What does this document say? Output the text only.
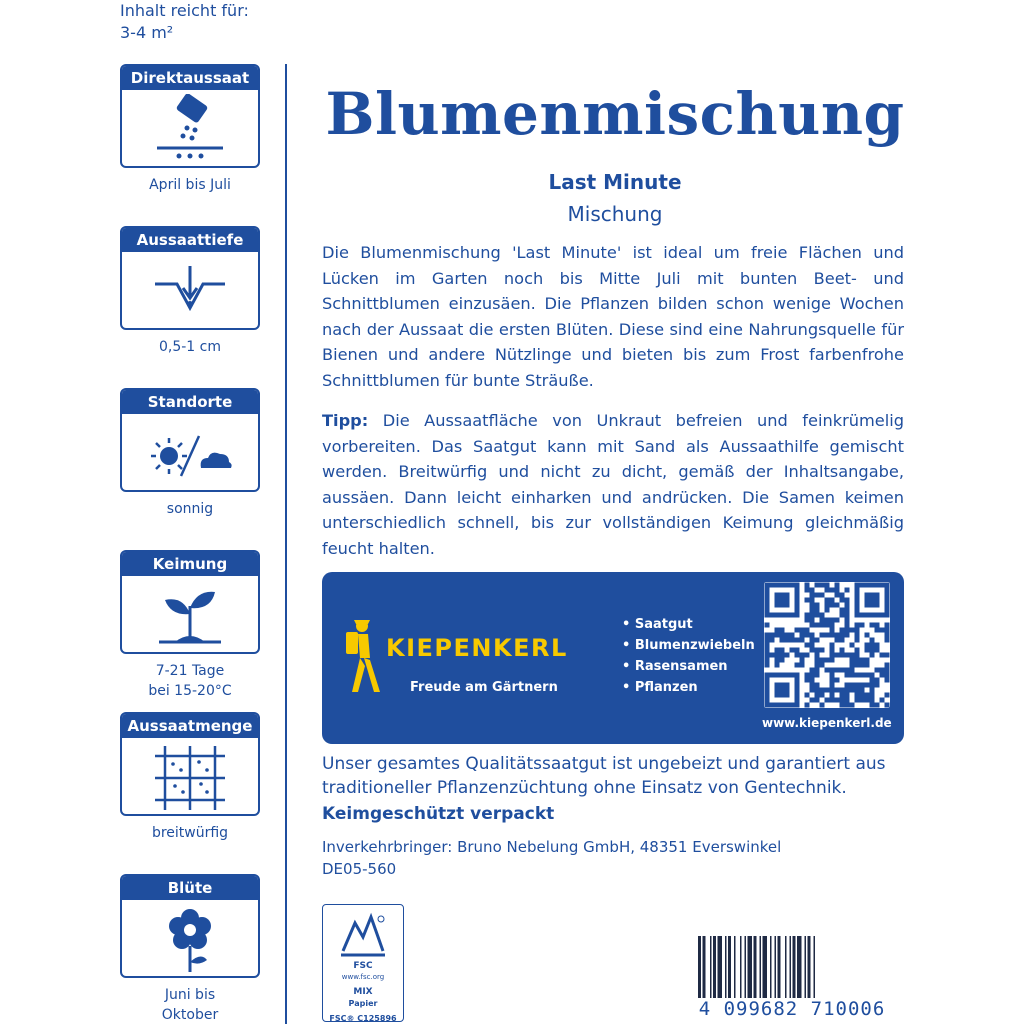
Inhalt reicht für:
3-4 m²
Direktaussaat
April bis Juli
Aussaattiefe
0,5-1 cm
Standorte
sonnig
Keimung
7-21 Tage
bei 15-20°C
Aussaatmenge
breitwürfig
Blüte
Juni bis
Oktober
Blumenmischung
Last Minute
Mischung
Die Blumenmischung 'Last Minute' ist ideal um freie Flächen und Lücken im Garten noch bis Mitte Juli mit bunten Beet- und Schnittblumen einzusäen. Die Pflanzen bilden schon wenige Wochen nach der Aussaat die ersten Blüten. Diese sind eine Nahrungsquelle für Bienen und andere Nützlinge und bieten bis zum Frost farbenfrohe Schnittblumen für bunte Sträuße.
Tipp: Die Aussaatfläche von Unkraut befreien und feinkrümelig vorbereiten. Das Saatgut kann mit Sand als Aussaathilfe gemischt werden. Breitwürfig und nicht zu dicht, gemäß der Inhaltsangabe, aussäen. Dann leicht einharken und andrücken. Die Samen keimen unterschiedlich schnell, bis zur vollständigen Keimung gleichmäßig feucht halten.
KIEPENKERL
Freude am Gärtnern
• Saatgut
• Blumenzwiebeln
• Rasensamen
• Pflanzen
www.kiepenkerl.de
Unser gesamtes Qualitätssaatgut ist ungebeizt und garantiert aus traditioneller Pflanzenzüchtung ohne Einsatz von Gentechnik.
Keimgeschützt verpackt
Inverkehrbringer: Bruno Nebelung GmbH, 48351 Everswinkel
DE05-560
FSC
www.fsc.org
MIX
Papier
FSC® C125896	4 099682 710006
